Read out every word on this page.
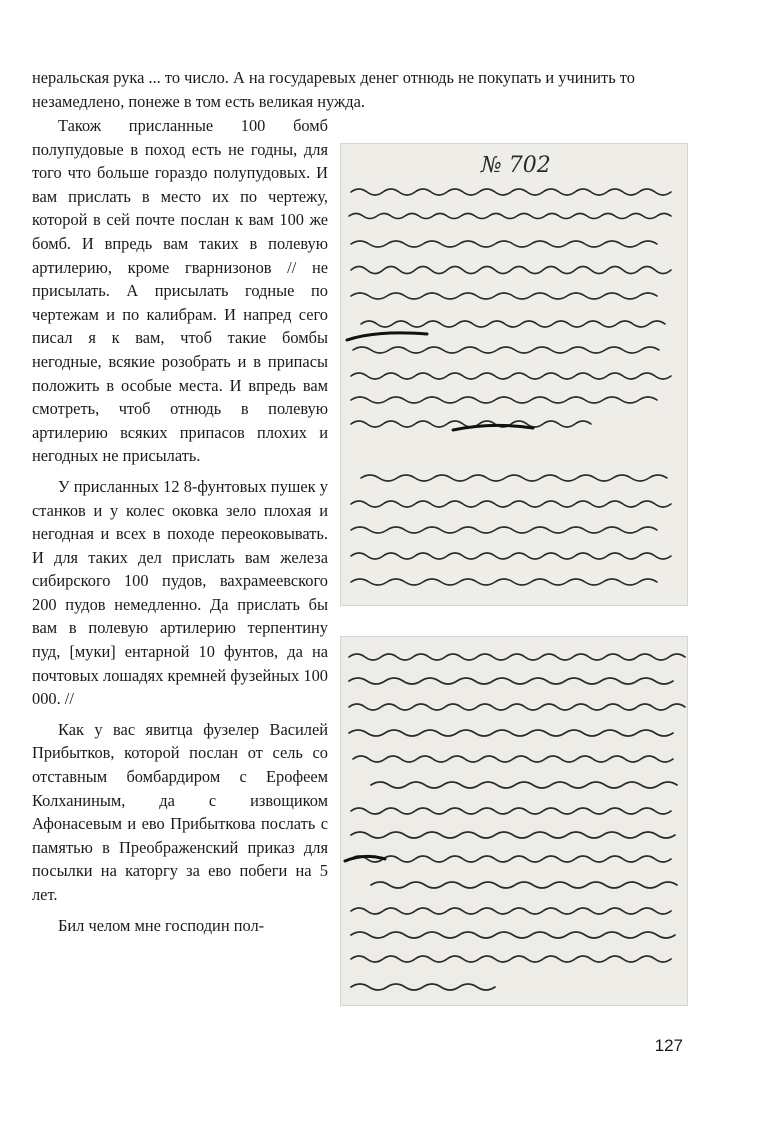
неральская рука ... то число. А на государевых денег отнюдь не покупать и учинить то незамедлено, понеже в том есть великая нужда.

Також присланные 100 бомб полупудовые в поход есть не годны, для того что больше гораздо полупудовых. И вам прислать в место их по чертежу, которой в сей почте послан к вам 100 же бомб. И впредь вам таких в полевую артилерию, кроме гварнизонов // не присылать. А присылать годные по чертежам и по калибрам. И напред сего писал я к вам, чтоб такие бомбы негодные, всякие розобрать и в припасы положить в особые места. И впредь вам смотреть, чтоб отнюдь в полевую артилерию всяких припасов плохих и негодных не присылать.

У присланных 12 8-фунтовых пушек у станков и у колес оковка зело плохая и негодная и всех в походе переоковывать. И для таких дел прислать вам железа сибирского 100 пудов, вахрамеевского 200 пудов немедленно. Да прислать бы вам в полевую артилерию терпентину пуд, [муки] ентарной 10 фунтов, да на почтовых лошадях кремней фузейных 100 000. //

Как у вас явитца фузелер Василей Прибытков, которой послан от сель со отставным бомбардиром с Ерофеем Колханиным, да с извощиком Афонасевым и ево Прибыткова послать с памятью в Преображенский приказ для посылки на каторгу за ево побеги на 5 лет.

Бил челом мне господин пол-

№ 702
127
